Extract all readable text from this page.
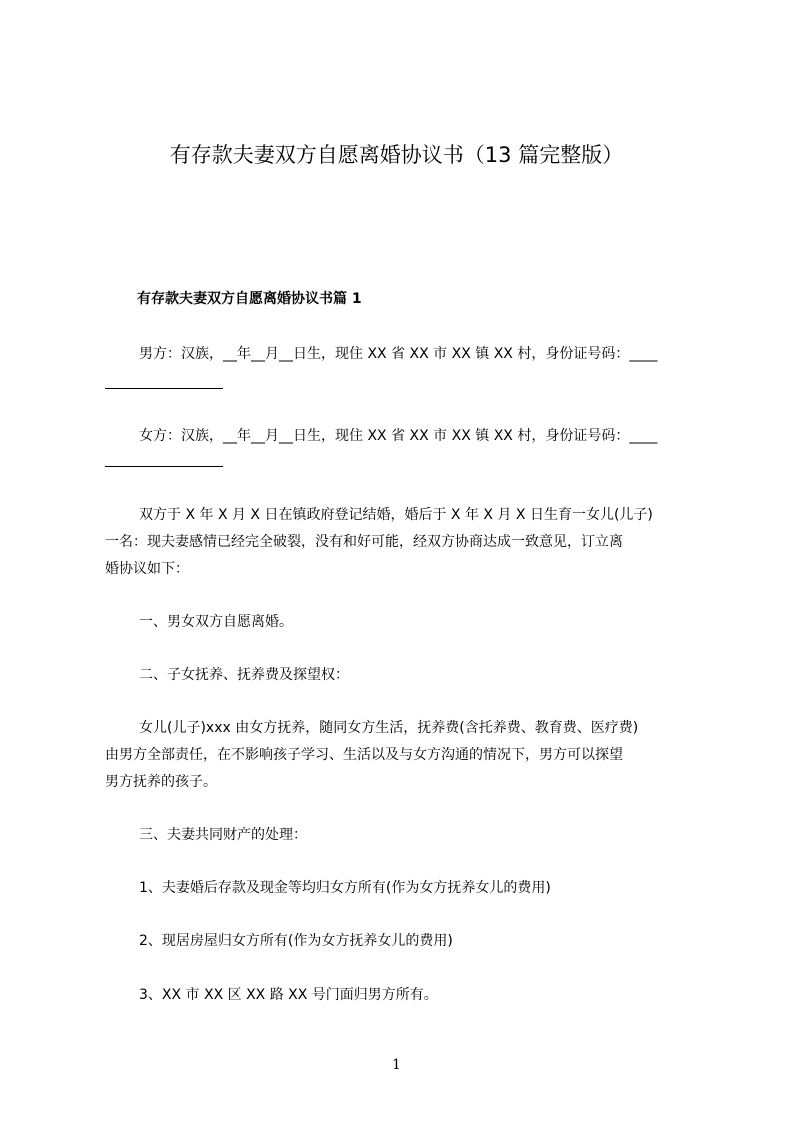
有存款夫妻双方自愿离婚协议书（13 篇完整版）
有存款夫妻双方自愿离婚协议书篇 1

男方：汉族，__年__月__日生，现住 XX 省 XX 市 XX 镇 XX 村，身份证号码：____

女方：汉族，__年__月__日生，现住 XX 省 XX 市 XX 镇 XX 村，身份证号码：____

双方于 X 年 X 月 X 日在镇政府登记结婚，婚后于 X 年 X 月 X 日生育一女儿(儿子)

一名：现夫妻感情已经完全破裂，没有和好可能，经双方协商达成一致意见，订立离

婚协议如下：

一、男女双方自愿离婚。

二、子女抚养、抚养费及探望权：

女儿(儿子)xxx 由女方抚养，随同女方生活，抚养费(含托养费、教育费、医疗费)

由男方全部责任，在不影响孩子学习、生活以及与女方沟通的情况下，男方可以探望

男方抚养的孩子。

三、夫妻共同财产的处理：

1、夫妻婚后存款及现金等均归女方所有(作为女方抚养女儿的费用)

2、现居房屋归女方所有(作为女方抚养女儿的费用)

3、XX 市 XX 区 XX 路 XX 号门面归男方所有。

1
